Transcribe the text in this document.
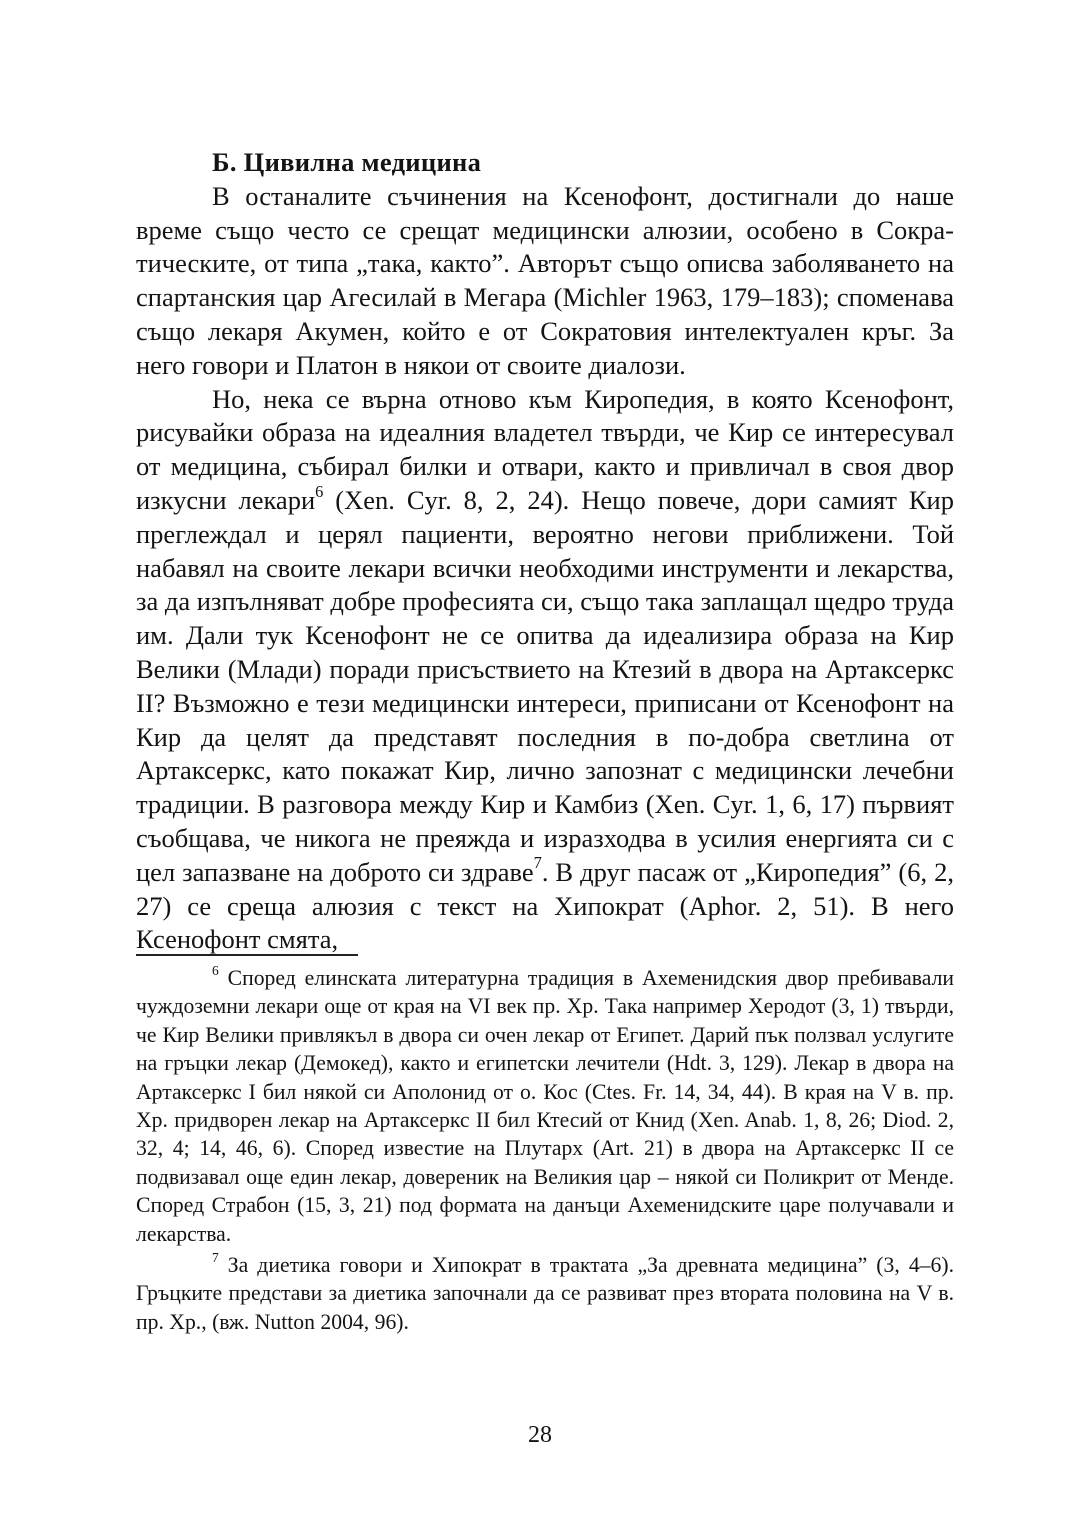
Б. Цивилна медицина

В останалите съчинения на Ксенофонт, достигнали до наше време също често се срещат медицински алюзии, особено в Сократическите, от типа „така, както”. Авторът също описва заболяването на спартанския цар Агесилай в Мегара (Michler 1963, 179–183); споменава също лекаря Акумен, който е от Сократовия интелектуален кръг. За него говори и Платон в някои от своите диалози.

Но, нека се върна отново към Киропедия, в която Ксенофонт, рисувайки образа на идеалния владетел твърди, че Кир се интересувал от медицина, събирал билки и отвари, както и привличал в своя двор изкусни лекари$^6$ (Xen. Cyr. 8, 2, 24). Нещо повече, дори самият Кир преглеждал и церял пациенти, вероятно негови приближени. Той набавял на своите лекари всички необходими инструменти и лекарства, за да изпълняват добре професията си, също така заплащал щедро труда им. Дали тук Ксенофонт не се опитва да идеализира образа на Кир Велики (Млади) поради присъствието на Ктезий в двора на Артаксеркс II? Възможно е тези медицински интереси, приписани от Ксенофонт на Кир да целят да представят последния в по-добра светлина от Артаксеркс, като покажат Кир, лично запознат с медицински лечебни традиции. В разговора между Кир и Камбиз (Xen. Cyr. 1, 6, 17) първият съобщава, че никога не преяжда и изразходва в усилия енергията си с цел запазване на доброто си здраве$^7$. В друг пасаж от „Киропедия” (6, 2, 27) се среща алюзия с текст на Хипократ (Aphor. 2, 51). В него Ксенофонт смята,

$^6$ Според елинската литературна традиция в Ахеменидския двор пребивавали чуждоземни лекари още от края на VI век пр. Хр. Така например Херодот (3, 1) твърди, че Кир Велики привлякъл в двора си очен лекар от Египет. Дарий пък ползвал услугите на гръцки лекар (Демокед), както и египетски лечители (Hdt. 3, 129). Лекар в двора на Артаксеркс I бил някой си Аполонид от о. Кос (Ctes. Fr. 14, 34, 44). В края на V в. пр. Хр. придворен лекар на Артаксеркс II бил Ктесий от Книд (Xen. Anab. 1, 8, 26; Diod. 2, 32, 4; 14, 46, 6). Според известие на Плутарх (Art. 21) в двора на Артаксеркс II се подвизавал още един лекар, довереник на Великия цар – някой си Поликрит от Менде. Според Страбон (15, 3, 21) под формата на данъци Ахеменидските царе получавали и лекарства.

$^7$ За диетика говори и Хипократ в трактата „За древната медицина” (3, 4–6). Гръцките представи за диетика започнали да се развиват през втората половина на V в. пр. Хр., (вж. Nutton 2004, 96).

28
